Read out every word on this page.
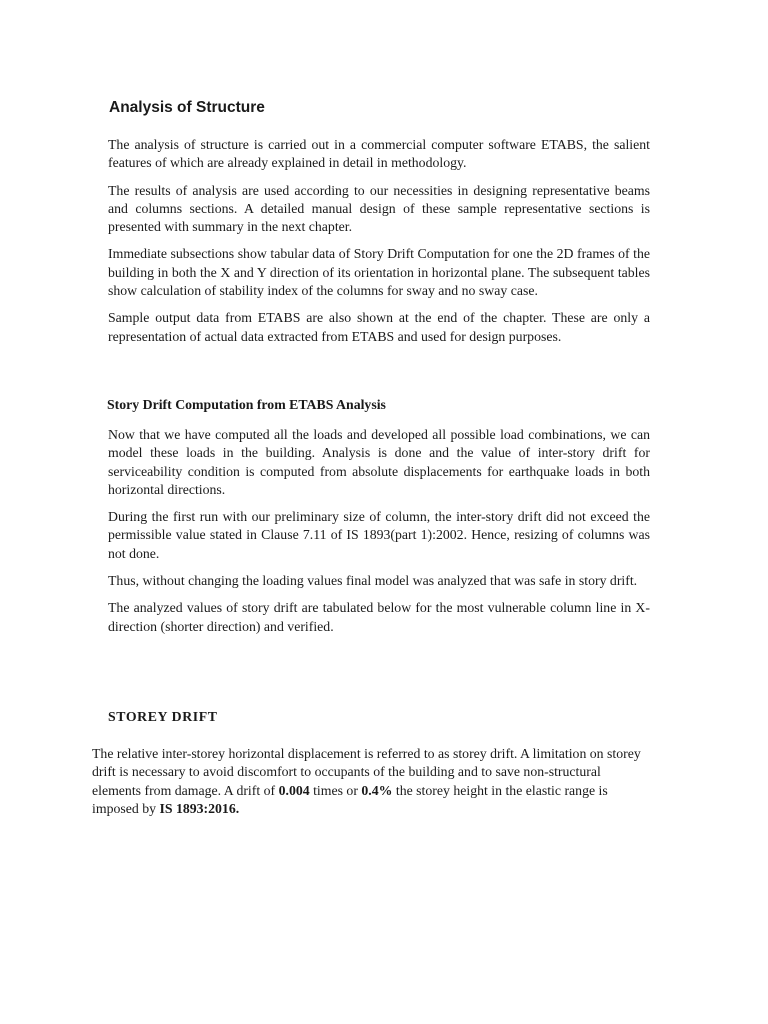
Analysis of Structure

The analysis of structure is carried out in a commercial computer software ETABS, the salient features of which are already explained in detail in methodology.

The results of analysis are used according to our necessities in designing representative beams and columns sections. A detailed manual design of these sample representative sections is presented with summary in the next chapter.

Immediate subsections show tabular data of Story Drift Computation for one the 2D frames of the building in both the X and Y direction of its orientation in horizontal plane. The subsequent tables show calculation of stability index of the columns for sway and no sway case.

Sample output data from ETABS are also shown at the end of the chapter. These are only a representation of actual data extracted from ETABS and used for design purposes.

Story Drift Computation from ETABS Analysis

Now that we have computed all the loads and developed all possible load combinations, we can model these loads in the building. Analysis is done and the value of inter-story drift for serviceability condition is computed from absolute displacements for earthquake loads in both horizontal directions.

During the first run with our preliminary size of column, the inter-story drift did not exceed the permissible value stated in Clause 7.11 of IS 1893(part 1):2002. Hence, resizing of columns was not done.

Thus, without changing the loading values final model was analyzed that was safe in story drift.

The analyzed values of story drift are tabulated below for the most vulnerable column line in X-direction (shorter direction) and verified.

STOREY DRIFT

The relative inter-storey horizontal displacement is referred to as storey drift. A limitation on storey drift is necessary to avoid discomfort to occupants of the building and to save non-structural elements from damage. A drift of 0.004 times or 0.4% the storey height in the elastic range is imposed by IS 1893:2016.
